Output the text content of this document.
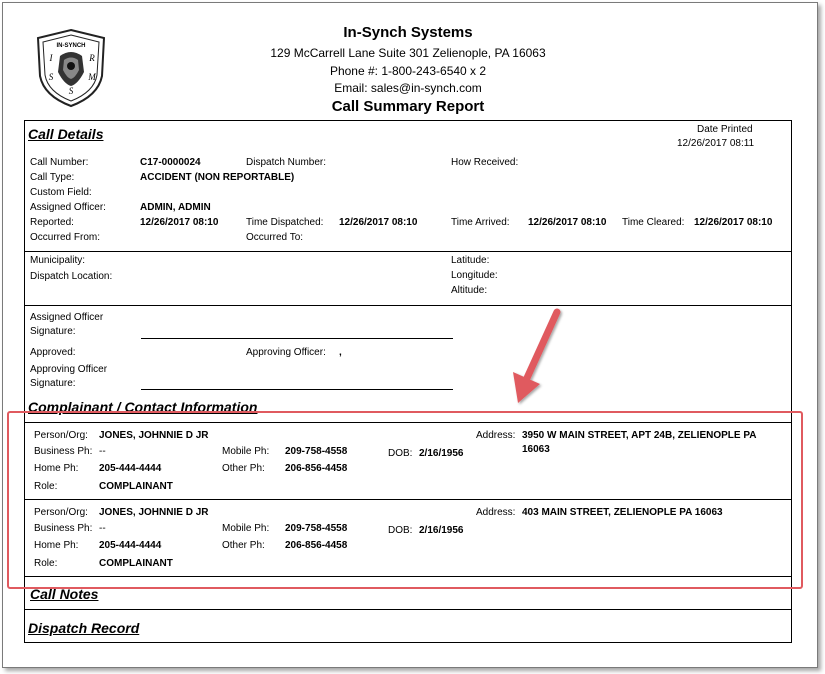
IN-SYNCH
I	R
S	M
S
In-Synch Systems
129 McCarrell Lane Suite 301 Zelienople, PA 16063
Phone #: 1-800-243-6540 x 2
Email: sales@in-synch.com
Call Summary Report
Call Details	Date Printed
12/26/2017 08:11
Call Number:	C17-0000024	Dispatch Number:	How Received:
Call Type:	ACCIDENT (NON REPORTABLE)
Custom Field:
Assigned Officer:	ADMIN, ADMIN
Reported:	12/26/2017 08:10	Time Dispatched: 12/26/2017 08:10	Time Arrived: 12/26/2017 08:10 Time Cleared: 12/26/2017 08:10
Occurred From:	Occurred To:
Municipality:
Dispatch Location:
Latitude:
Longitude:
Altitude:
Assigned Officer
Signature:
Approved:	Approving Officer: ,
Approving Officer
Signature:
Complainant / Contact Information
Person/Org: JONES, JOHNNIE D JR	Address: 3950 W MAIN STREET, APT 24B, ZELIENOPLE PA
16063
Business Ph: --	Mobile Ph: 209-758-4558	DOB: 2/16/1956
Home Ph: 205-444-4444	Other Ph: 206-856-4458
Role:	COMPLAINANT
Person/Org: JONES, JOHNNIE D JR	Address: 403 MAIN STREET, ZELIENOPLE PA 16063
Business Ph: --	Mobile Ph: 209-758-4558	DOB: 2/16/1956
Home Ph: 205-444-4444	Other Ph: 206-856-4458
Role:	COMPLAINANT
Call Notes
Dispatch Record
